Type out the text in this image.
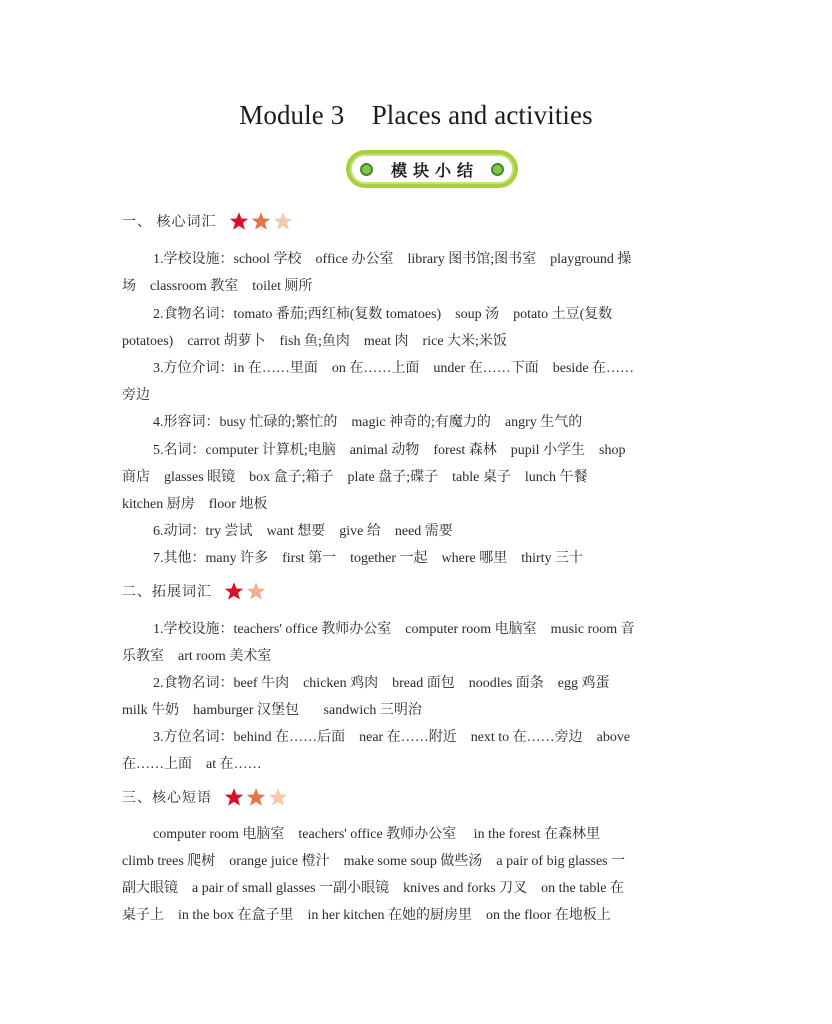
Module 3    Places and activities
模块小结
一、 核心词汇
1.学校设施：school 学校    office 办公室    library 图书馆;图书室    playground 操
场    classroom 教室    toilet 厕所
2.食物名词：tomato 番茄;西红柿(复数 tomatoes)    soup 汤    potato 土豆(复数
potatoes)    carrot 胡萝卜    fish 鱼;鱼肉    meat 肉    rice 大米;米饭
3.方位介词：in 在……里面    on 在……上面    under 在……下面    beside 在……
旁边
4.形容词：busy 忙碌的;繁忙的    magic 神奇的;有魔力的    angry 生气的
5.名词：computer 计算机;电脑    animal 动物    forest 森林    pupil 小学生    shop
商店    glasses 眼镜    box 盒子;箱子    plate 盘子;碟子    table 桌子    lunch 午餐
kitchen 厨房    floor 地板
6.动词：try 尝试    want 想要    give 给    need 需要
7.其他：many 许多    first 第一    together 一起    where 哪里    thirty 三十
二、拓展词汇
1.学校设施：teachers' office 教师办公室    computer room 电脑室    music room 音
乐教室    art room 美术室
2.食物名词：beef 牛肉    chicken 鸡肉    bread 面包    noodles 面条    egg 鸡蛋
milk 牛奶    hamburger 汉堡包       sandwich 三明治
3.方位名词：behind 在……后面    near 在……附近    next to 在……旁边    above
在……上面    at 在……
三、核心短语
computer room 电脑室    teachers' office 教师办公室     in the forest 在森林里
climb trees 爬树    orange juice 橙汁    make some soup 做些汤    a pair of big glasses 一
副大眼镜    a pair of small glasses 一副小眼镜    knives and forks 刀叉    on the table 在
桌子上    in the box 在盒子里    in her kitchen 在她的厨房里    on the floor 在地板上
